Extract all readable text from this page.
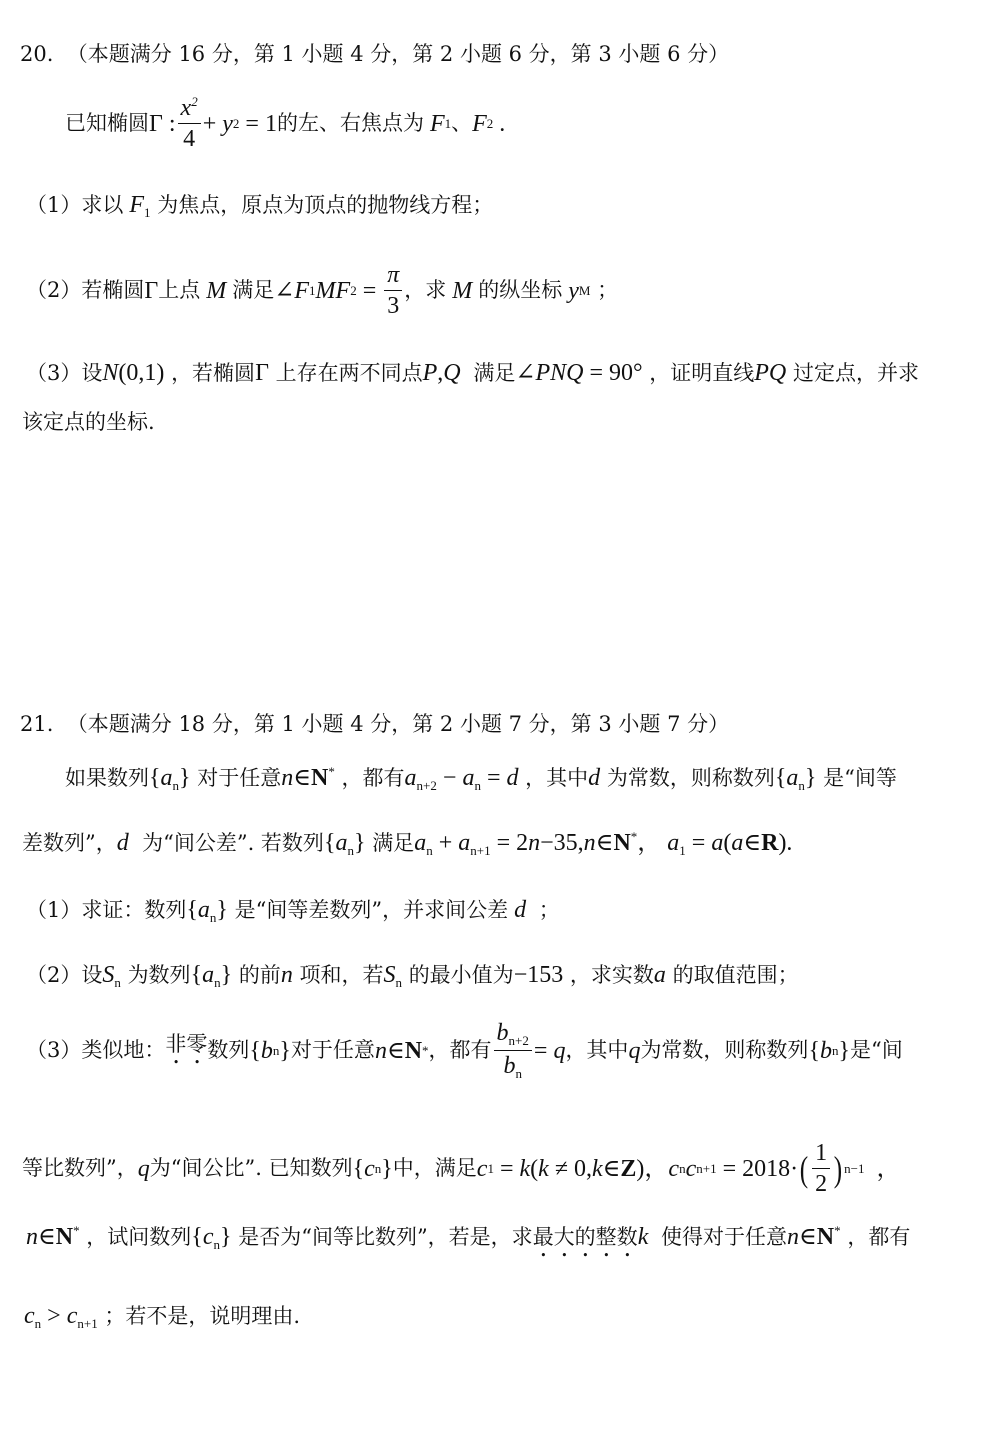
20. （本题满分 16 分，第 1 小题 4 分，第 2 小题 6 分，第 3 小题 6 分）
已知椭圆 Γ : $\frac{x^2}{4} + y$ 2 = 1 的左、右焦点为 F 1 、 F 2 .
（1）求以 $F_1$ 为焦点，原点为顶点的抛物线方程；
（2）若椭圆 Γ 上点 M 满足 ∠ F 1 MF $2 = \frac{\pi}{3}$ ，求 M 的纵坐标 y M
；
（3）设N(0,1) ，若椭圆Γ 上存在两不同点P,Q  满足∠PNQ = 90° ，证明直线PQ 过定点，并求
该定点的坐标.
21. （本题满分 18 分，第 1 小题 4 分，第 2 小题 7 分，第 3 小题 7 分）
如果数列$\{a_n\}$ 对于任意n∈N* ，都有$a_{n+2} - a_n = d$ ，其中d 为常数，则称数列$\{a_n\}$ 是“间等
差数列”，d 为“间公差”. 若数列$\{a_n\}$ 满足$a_n + a_{n+1}$ = 2n−35,n∈N*， $a_1$ = a(a∈R).
（1）求证：数列$\{a_n\}$ 是“间等差数列”，并求间公差 d  ；
（2）设$S_n$ 为数列$\{a_n\}$ 的前n 项和，若$S_n$ 的最小值为−153 ，求实数a 的取值范围；
（3）类似地： 非零 数列 { b n } 对于任意 n ∈ N * ，都有 $\frac{b_{n+2}}{b_n} = q$ ，其中 q 为常数，则称数列 { b n } 是“间
等比数列”， q 为“间公比”. 已知数列 { c n } 中，满足 c 1 = k ( k ≠ 0, k ∈ Z )， c n c n+1 = 2018· ( $\frac{1}{2}$ ) n−1 ，
n∈N* ，试问数列$\{c_n\}$ 是否为“间等比数列”，若是，求最大的整数k  使得对于任意n∈N* ，都有
$c_n > c_{n+1}$ ；若不是，说明理由.
